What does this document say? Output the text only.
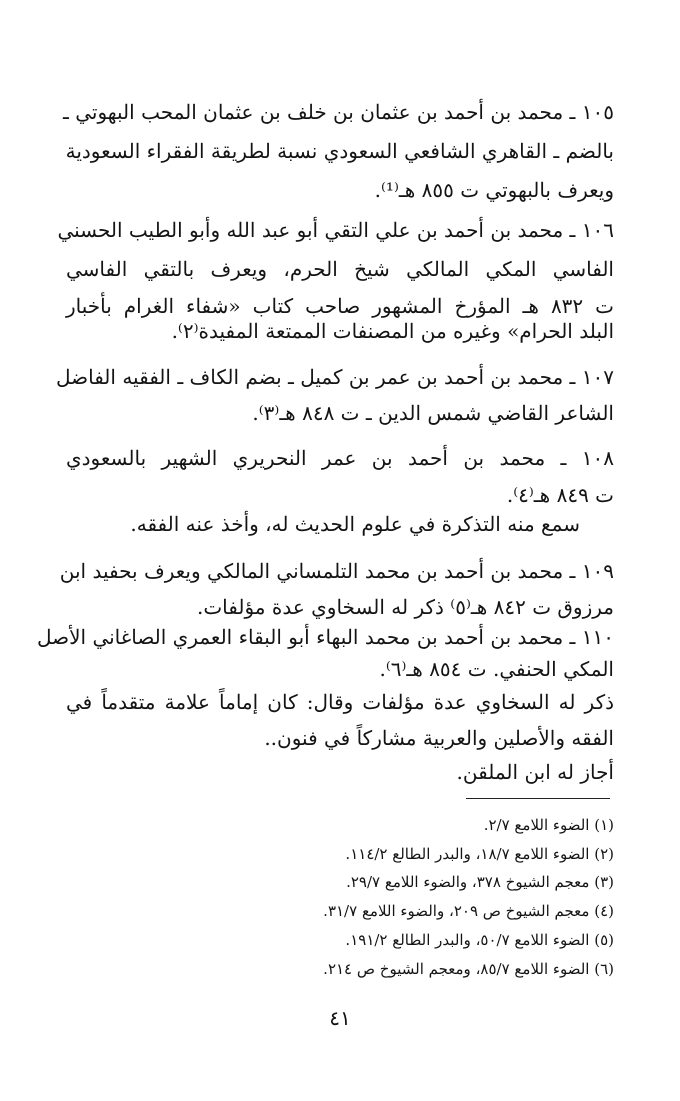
١٠٥ ـ محمد بن أحمد بن عثمان بن خلف بن عثمان المحب البهوتي ـ
بالضم ـ القاهري الشافعي السعودي نسبة لطريقة الفقراء السعودية
ويعرف بالبهوتي ت ٨٥٥ هـ⁽¹⁾.
١٠٦ ـ محمد بن أحمد بن علي التقي أبو عبد الله وأبو الطيب الحسني
الفاسي المكي المالكي شيخ الحرم، ويعرف بالتقي الفاسي
ت ٨٣٢ هـ المؤرخ المشهور صاحب كتاب «شفاء الغرام بأخبار
البلد الحرام» وغيره من المصنفات الممتعة المفيدة⁽٢⁾.
١٠٧ ـ محمد بن أحمد بن عمر بن كميل ـ بضم الكاف ـ الفقيه الفاضل
الشاعر القاضي شمس الدين ـ ت ٨٤٨ هـ⁽٣⁾.
١٠٨ ـ محمد بن أحمد بن عمر النحريري الشهير بالسعودي
ت ٨٤٩ هـ⁽٤⁾.
سمع منه التذكرة في علوم الحديث له، وأخذ عنه الفقه.
١٠٩ ـ محمد بن أحمد بن محمد التلمساني المالكي ويعرف بحفيد ابن
مرزوق ت ٨٤٢ هـ⁽٥⁾ ذكر له السخاوي عدة مؤلفات.
١١٠ ـ محمد بن أحمد بن محمد البهاء أبو البقاء العمري الصاغاني الأصل
المكي الحنفي. ت ٨٥٤ هـ⁽٦⁾.
ذكر له السخاوي عدة مؤلفات وقال: كان إماماً علامة متقدماً في
الفقه والأصلين والعربية مشاركاً في فنون..
أجاز له ابن الملقن.
(١) الضوء اللامع ٢/٧.
(٢) الضوء اللامع ١٨/٧، والبدر الطالع ١١٤/٢.
(٣) معجم الشيوخ ٣٧٨، والضوء اللامع ٢٩/٧.
(٤) معجم الشيوخ ص ٢٠٩، والضوء اللامع ٣١/٧.
(٥) الضوء اللامع ٥٠/٧، والبدر الطالع ١٩١/٢.
(٦) الضوء اللامع ٨٥/٧، ومعجم الشيوخ ص ٢١٤.
٤١
